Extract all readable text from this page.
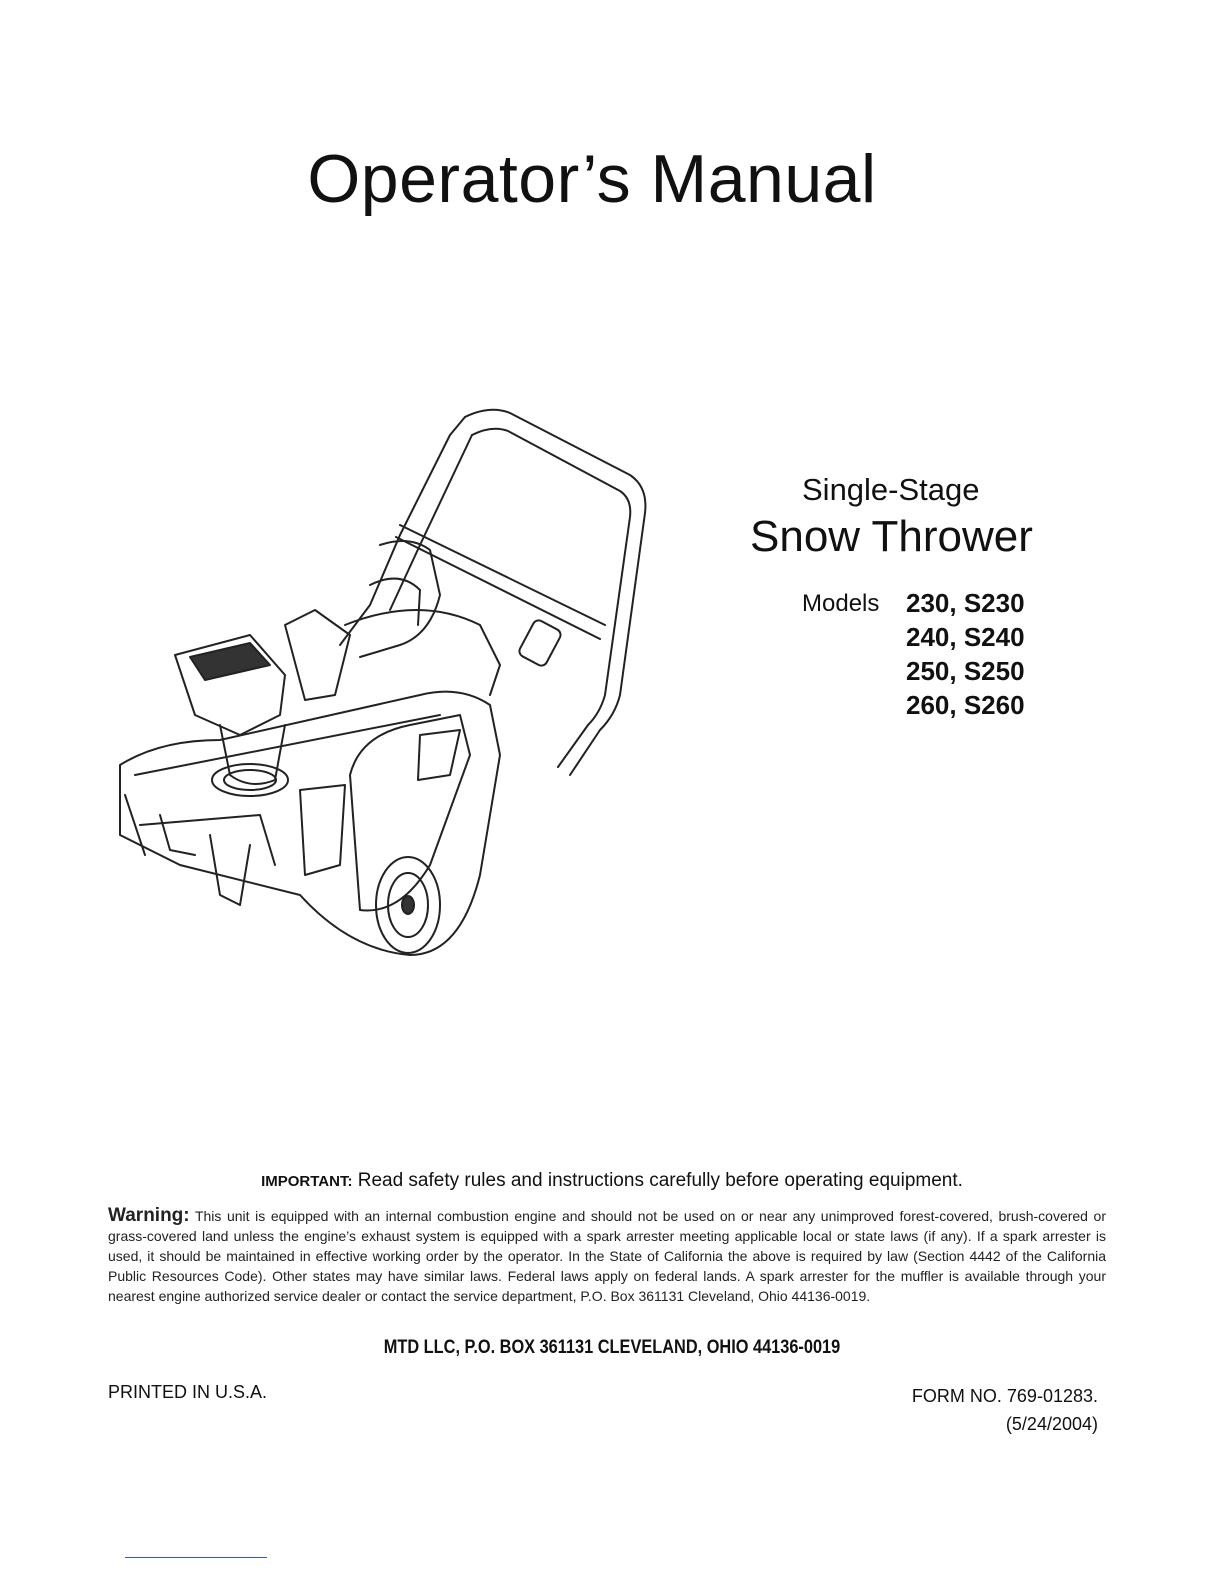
Operator’s Manual
Single-Stage
Snow Thrower
Models 230, S230
240, S240
250, S250
260, S260
IMPORTANT: Read safety rules and instructions carefully before operating equipment.
Warning: This unit is equipped with an internal combustion engine and should not be used on or near any unimproved forest-covered, brush-covered or grass-covered land unless the engine’s exhaust system is equipped with a spark arrester meeting applicable local or state laws (if any). If a spark arrester is used, it should be maintained in effective working order by the operator. In the State of California the above is required by law (Section 4442 of the California Public Resources Code). Other states may have similar laws. Federal laws apply on federal lands. A spark arrester for the muffler is available through your nearest engine authorized service dealer or contact the service department, P.O. Box 361131 Cleveland, Ohio 44136-0019.
MTD LLC, P.O. BOX 361131 CLEVELAND, OHIO 44136-0019
PRINTED IN U.S.A.	FORM NO. 769-01283.
(5/24/2004)
